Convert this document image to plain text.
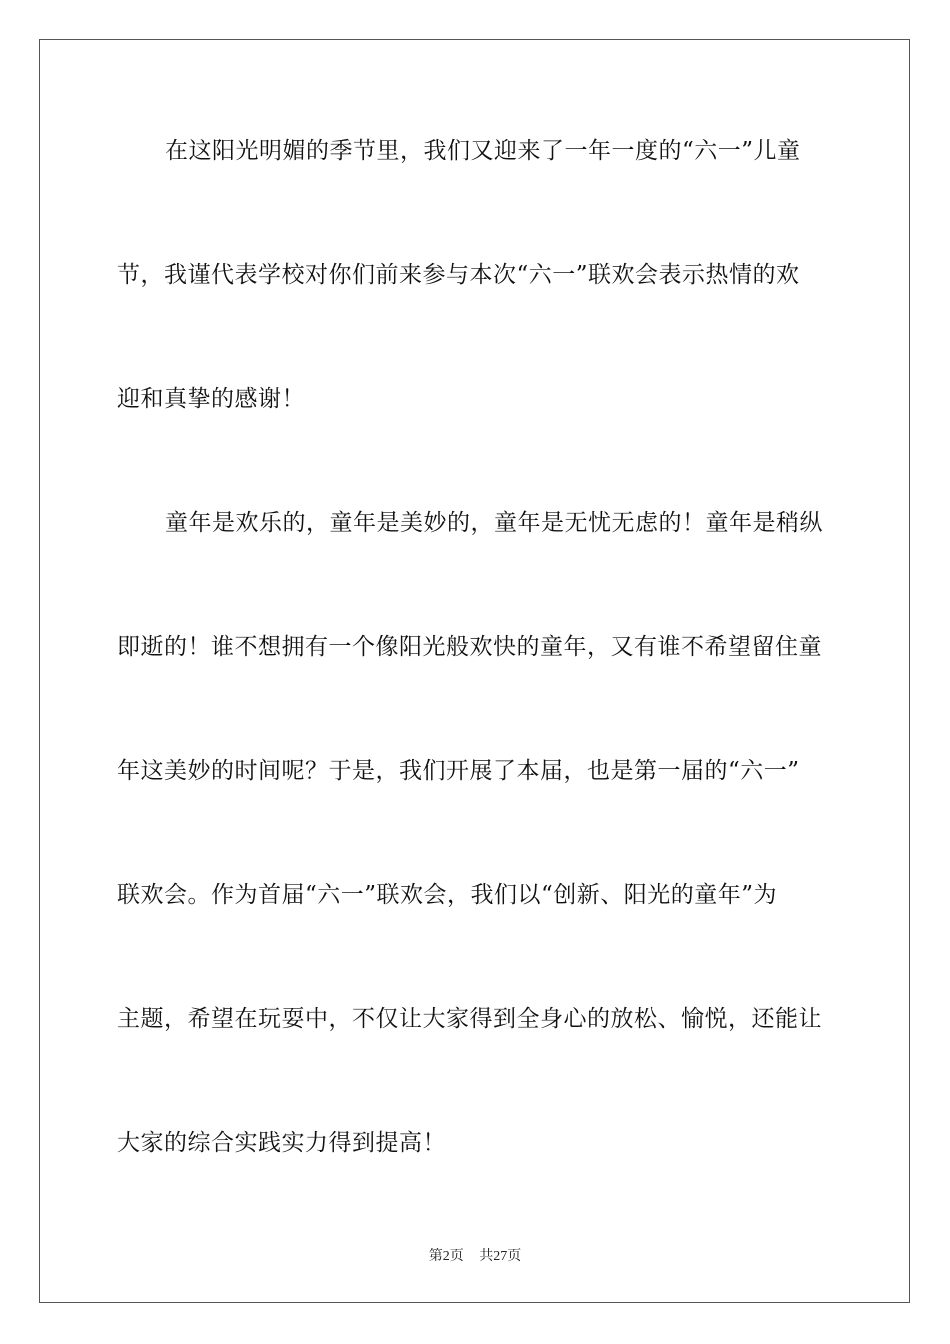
在这阳光明媚的季节里，我们又迎来了一年一度的“六一”儿童
节，我谨代表学校对你们前来参与本次“六一”联欢会表示热情的欢
迎和真挚的感谢！
童年是欢乐的，童年是美妙的，童年是无忧无虑的！童年是稍纵
即逝的！谁不想拥有一个像阳光般欢快的童年，又有谁不希望留住童
年这美妙的时间呢？于是，我们开展了本届，也是第一届的“六一”
联欢会。作为首届“六一”联欢会，我们以“创新、阳光的童年”为
主题，希望在玩耍中，不仅让大家得到全身心的放松、愉悦，还能让
大家的综合实践实力得到提高！
第2页 共27页
